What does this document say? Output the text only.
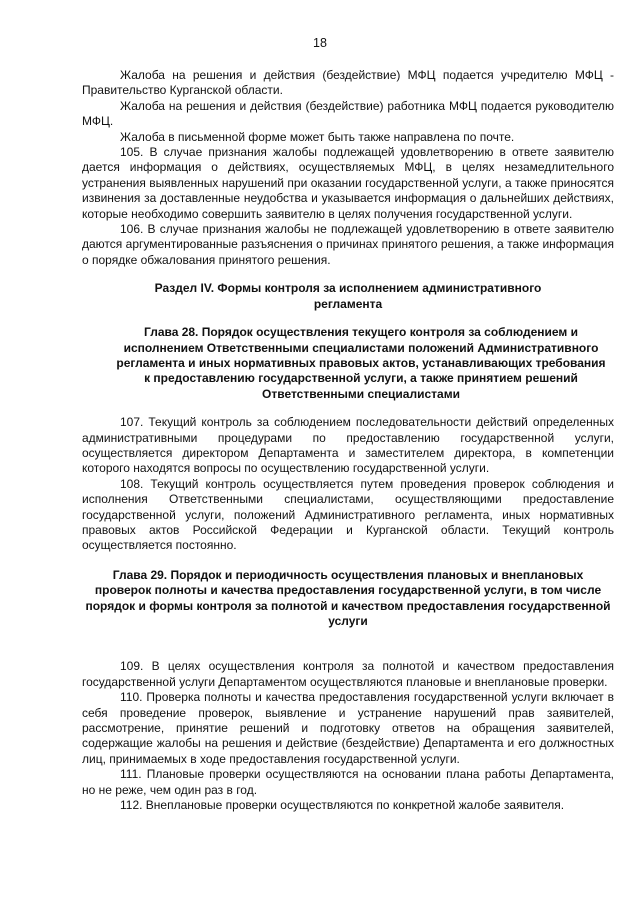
18

Жалоба на решения и действия (бездействие) МФЦ подается учредителю МФЦ - Правительство Курганской области.

Жалоба на решения и действия (бездействие) работника МФЦ подается руководителю МФЦ.

Жалоба в письменной форме может быть также направлена по почте.

105. В случае признания жалобы подлежащей удовлетворению в ответе заявителю дается информация о действиях, осуществляемых МФЦ, в целях незамедлительного устранения выявленных нарушений при оказании государственной услуги, а также приносятся извинения за доставленные неудобства и указывается информация о дальнейших действиях, которые необходимо совершить заявителю в целях получения государственной услуги.

106. В случае признания жалобы не подлежащей удовлетворению в ответе заявителю даются аргументированные разъяснения о причинах принятого решения, а также информация о порядке обжалования принятого решения.

Раздел IV. Формы контроля за исполнением административного регламента
Глава 28. Порядок осуществления текущего контроля за соблюдением и исполнением Ответственными специалистами положений Административного регламента и иных нормативных правовых актов, устанавливающих требования к предоставлению государственной услуги, а также принятием решений Ответственными специалистами

107. Текущий контроль за соблюдением последовательности действий определенных административными процедурами по предоставлению государственной услуги, осуществляется директором Департамента и заместителем директора, в компетенции которого находятся вопросы по осуществлению государственной услуги.

108. Текущий контроль осуществляется путем проведения проверок соблюдения и исполнения Ответственными специалистами, осуществляющими предоставление государственной услуги, положений Административного регламента, иных нормативных правовых актов Российской Федерации и Курганской области. Текущий контроль осуществляется постоянно.

Глава 29. Порядок и периодичность осуществления плановых и внеплановых проверок полноты и качества предоставления государственной услуги, в том числе порядок и формы контроля за полнотой и качеством предоставления государственной услуги

109. В целях осуществления контроля за полнотой и качеством предоставления государственной услуги Департаментом осуществляются плановые и внеплановые проверки.

110. Проверка полноты и качества предоставления государственной услуги включает в себя проведение проверок, выявление и устранение нарушений прав заявителей, рассмотрение, принятие решений и подготовку ответов на обращения заявителей, содержащие жалобы на решения и действие (бездействие) Департамента и его должностных лиц, принимаемых в ходе предоставления государственной услуги.

111. Плановые проверки осуществляются на основании плана работы Департамента, но не реже, чем один раз в год.

112. Внеплановые проверки осуществляются по конкретной жалобе заявителя.
